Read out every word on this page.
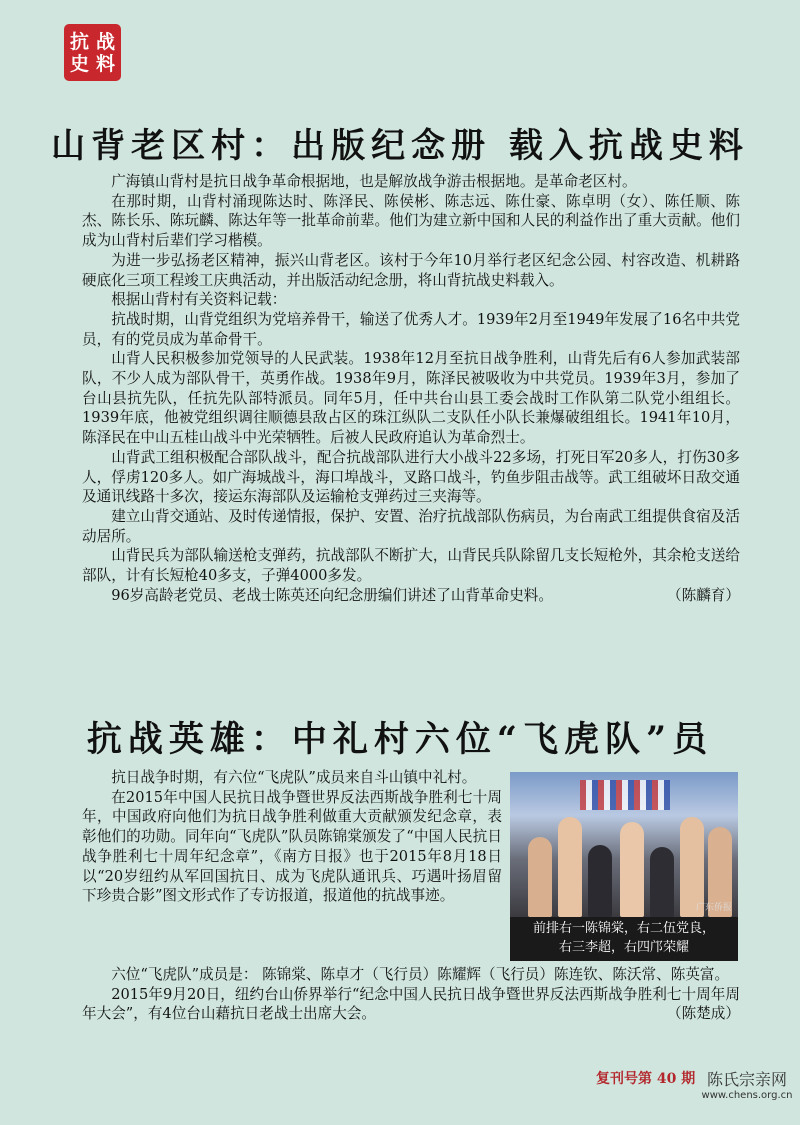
抗 战
史 料
山背老区村：出版纪念册 载入抗战史料

广海镇山背村是抗日战争革命根据地，也是解放战争游击根据地。是革命老区村。

在那时期，山背村涌现陈达时、陈泽民、陈侯彬、陈志远、陈仕豪、陈卓明（女）、陈任顺、陈杰、陈长乐、陈玩麟、陈达年等一批革命前辈。他们为建立新中国和人民的利益作出了重大贡献。他们成为山背村后辈们学习楷模。

为进一步弘扬老区精神，振兴山背老区。该村于今年10月举行老区纪念公园、村容改造、机耕路硬底化三项工程竣工庆典活动，并出版活动纪念册，将山背抗战史料载入。

根据山背村有关资料记载：

抗战时期，山背党组织为党培养骨干，输送了优秀人才。1939年2月至1949年发展了16名中共党员，有的党员成为革命骨干。

山背人民积极参加党领导的人民武装。1938年12月至抗日战争胜利，山背先后有6人参加武装部队，不少人成为部队骨干，英勇作战。1938年9月，陈泽民被吸收为中共党员。1939年3月，参加了台山县抗先队，任抗先队部特派员。同年5月，任中共台山县工委会战时工作队第二队党小组组长。1939年底，他被党组织调往顺德县敌占区的珠江纵队二支队任小队长兼爆破组组长。1941年10月，陈泽民在中山五桂山战斗中光荣牺牲。后被人民政府追认为革命烈士。

山背武工组积极配合部队战斗，配合抗战部队进行大小战斗22多场，打死日军20多人，打伤30多人，俘虏120多人。如广海城战斗，海口埠战斗，叉路口战斗，钓鱼步阻击战等。武工组破坏日敌交通及通讯线路十多次，接运东海部队及运输枪支弹药过三夹海等。

建立山背交通站、及时传递情报，保护、安置、治疗抗战部队伤病员，为台南武工组提供食宿及活动居所。

山背民兵为部队输送枪支弹药，抗战部队不断扩大，山背民兵队除留几支长短枪外，其余枪支送给部队，计有长短枪40多支，子弹4000多发。

96岁高龄老党员、老战士陈英还向纪念册编们讲述了山背革命史料。	（陈麟育）

抗战英雄：中礼村六位“飞虎队”员

抗日战争时期，有六位“飞虎队”成员来自斗山镇中礼村。

在2015年中国人民抗日战争暨世界反法西斯战争胜利七十周年，中国政府向他们为抗日战争胜利做重大贡献颁发纪念章，表彰他们的功勋。同年向“飞虎队”队员陈锦棠颁发了“中国人民抗日战争胜利七十周年纪念章”，《南方日报》也于2015年8月18日以“20岁纽约从军回国抗日、成为飞虎队通讯兵、巧遇叶扬眉留下珍贵合影”图文形式作了专访报道，报道他的抗战事迹。

广东侨报
前排右一陈锦棠，右二伍党良，
右三李超，右四邝荣耀

六位“飞虎队”成员是： 陈锦棠、陈卓才（飞行员）陈耀辉（飞行员）陈连钦、陈沃常、陈英富。

2015年9月20日，纽约台山侨界举行“纪念中国人民抗日战争暨世界反法西斯战争胜利七十周年周年大会”，有4位台山藉抗日老战士出席大会。	（陈楚成）

复刊号第 40 期 陈氏宗亲网
www.chens.org.cn
